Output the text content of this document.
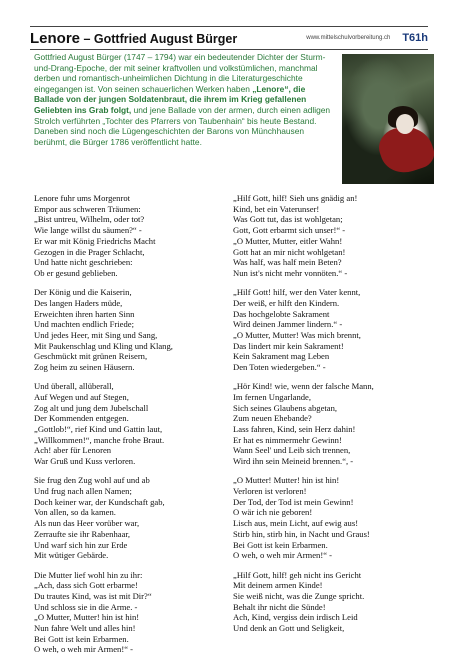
Lenore – Gottfried August Bürger	www.mittelschulvorbereitung.ch T61h
Gottfried August Bürger (1747 – 1794) war ein bedeutender Dichter der Sturm-und-Drang-Epoche, der mit seiner kraftvollen und volkstümlichen, manchmal derben und romantisch-unheimlichen Dichtung in die Literaturgeschichte eingegangen ist. Von seinen schauerlichen Werken haben „Lenore“, die Ballade von der jungen Soldatenbraut, die ihrem im Krieg gefallenen Geliebten ins Grab folgt, und jene Ballade von der armen, durch einen adligen Strolch verführten „Tochter des Pfarrers von Taubenhain“ bis heute Bestand. Daneben sind noch die Lügengeschichten der Barons von Münchhausen berühmt, die Bürger 1786 veröffentlicht hatte.
Lenore fuhr ums Morgenrot
Empor aus schweren Träumen:
„Bist untreu, Wilhelm, oder tot?
Wie lange willst du säumen?“ -
Er war mit König Friedrichs Macht
Gezogen in die Prager Schlacht,
Und hatte nicht geschrieben:
Ob er gesund geblieben.
Der König und die Kaiserin,
Des langen Haders müde,
Erweichten ihren harten Sinn
Und machten endlich Friede;
Und jedes Heer, mit Sing und Sang,
Mit Paukenschlag und Kling und Klang,
Geschmückt mit grünen Reisern,
Zog heim zu seinen Häusern.
Und überall, allüberall,
Auf Wegen und auf Stegen,
Zog alt und jung dem Jubelschall
Der Kommenden entgegen.
„Gottlob!“, rief Kind und Gattin laut,
„Willkommen!“, manche frohe Braut.
Ach! aber für Lenoren
War Gruß und Kuss verloren.
Sie frug den Zug wohl auf und ab
Und frug nach allen Namen;
Doch keiner war, der Kundschaft gab,
Von allen, so da kamen.
Als nun das Heer vorüber war,
Zerraufte sie ihr Rabenhaar,
Und warf sich hin zur Erde
Mit wütiger Gebärde.
Die Mutter lief wohl hin zu ihr:
„Ach, dass sich Gott erbarme!
Du trautes Kind, was ist mit Dir?“
Und schloss sie in die Arme. -
„O Mutter, Mutter! hin ist hin!
Nun fahre Welt und alles hin!
Bei Gott ist kein Erbarmen.
O weh, o weh mir Armen!“ -
„Hilf Gott, hilf! Sieh uns gnädig an!
Kind, bet ein Vaterunser!
Was Gott tut, das ist wohlgetan;
Gott, Gott erbarmt sich unser!“ -
„O Mutter, Mutter, eitler Wahn!
Gott hat an mir nicht wohlgetan!
Was half, was half mein Beten?
Nun ist's nicht mehr vonnöten.“ -
„Hilf Gott! hilf, wer den Vater kennt,
Der weiß, er hilft den Kindern.
Das hochgelobte Sakrament
Wird deinen Jammer lindern.“ -
„O Mutter, Mutter! Was mich brennt,
Das lindert mir kein Sakrament!
Kein Sakrament mag Leben
Den Toten wiedergeben.“ -
„Hör Kind! wie, wenn der falsche Mann,
Im fernen Ungarlande,
Sich seines Glaubens abgetan,
Zum neuen Ehebande?
Lass fahren, Kind, sein Herz dahin!
Er hat es nimmermehr Gewinn!
Wann Seel' und Leib sich trennen,
Wird ihn sein Meineid brennen.“, -
„O Mutter! Mutter! hin ist hin!
Verloren ist verloren!
Der Tod, der Tod ist mein Gewinn!
O wär ich nie geboren!
Lisch aus, mein Licht, auf ewig aus!
Stirb hin, stirb hin, in Nacht und Graus!
Bei Gott ist kein Erbarmen.
O weh, o weh mir Armen!“ -
„Hilf Gott, hilf! geh nicht ins Gericht
Mit deinem armen Kinde!
Sie weiß nicht, was die Zunge spricht.
Behalt ihr nicht die Sünde!
Ach, Kind, vergiss dein irdisch Leid
Und denk an Gott und Seligkeit,
